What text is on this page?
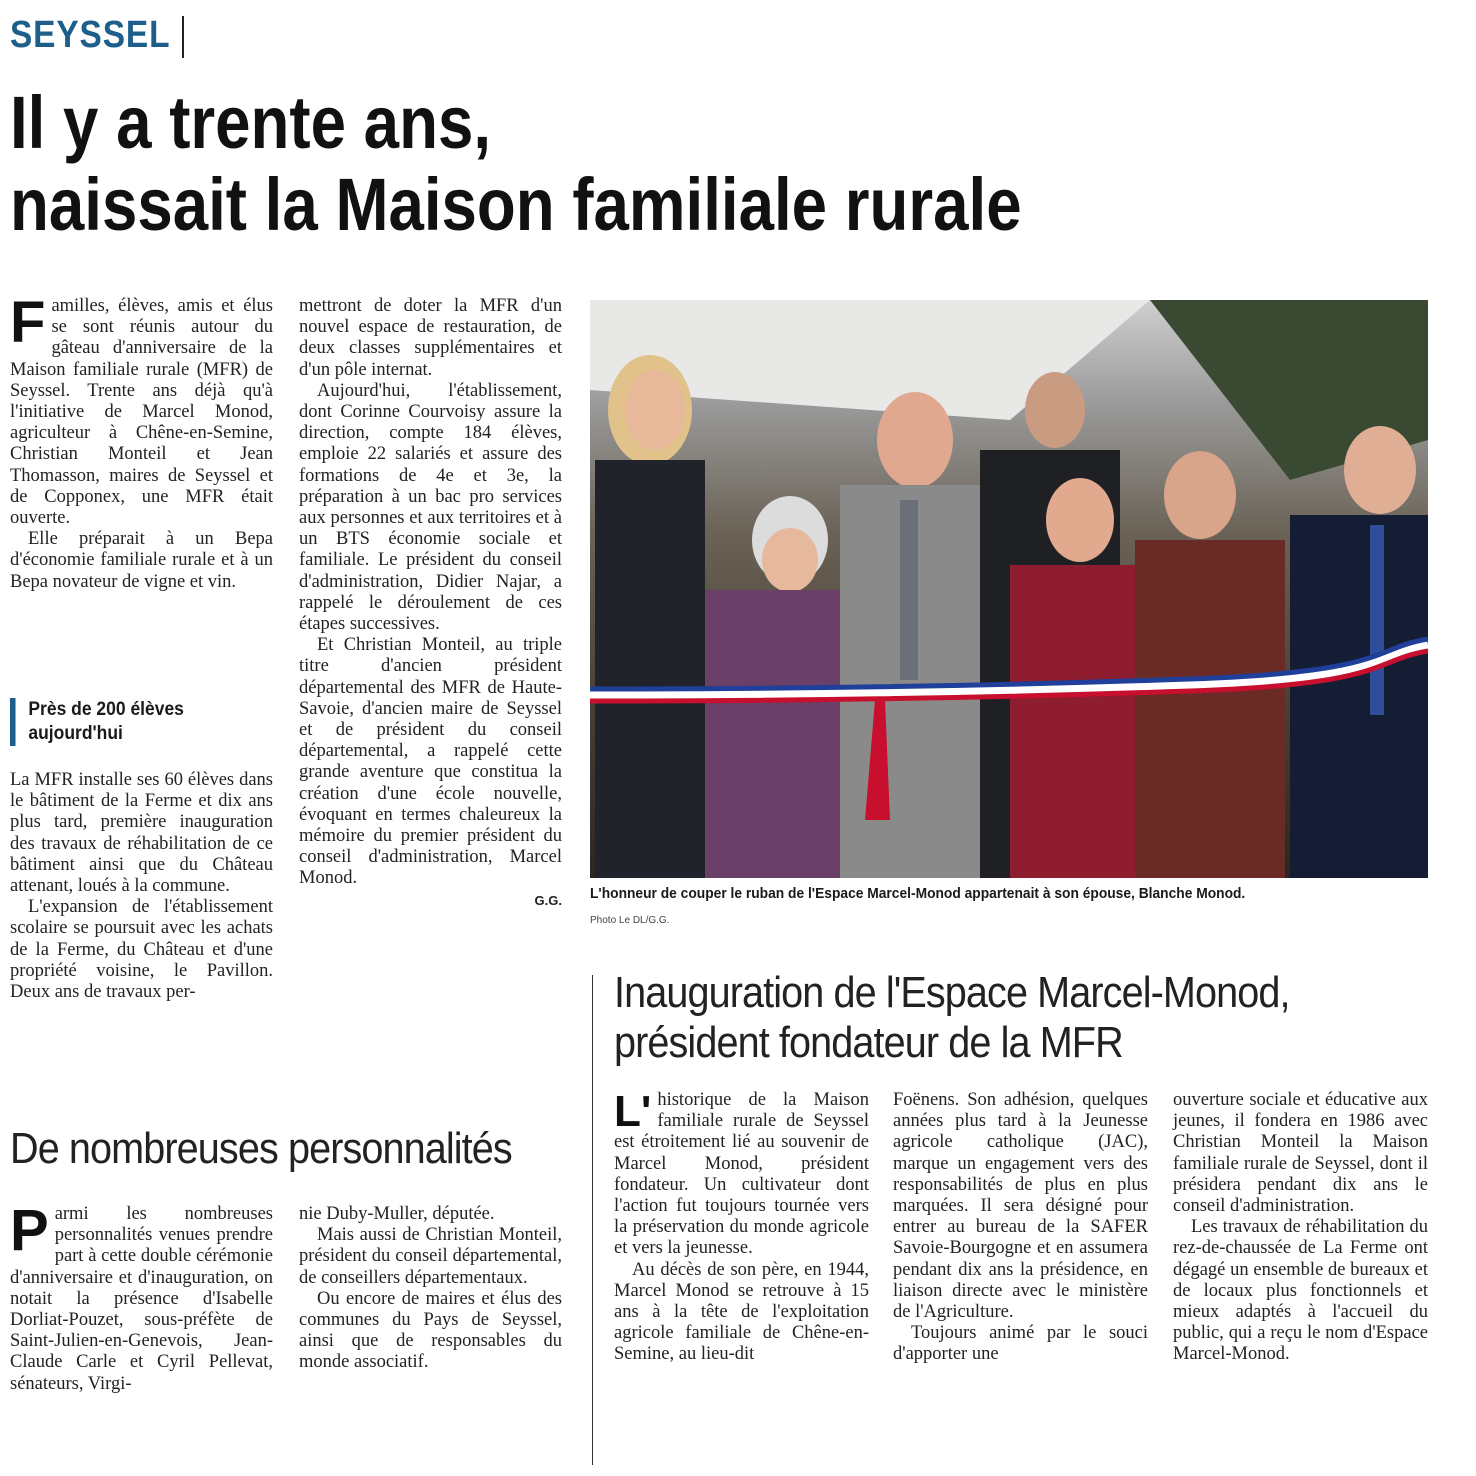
SEYSSEL
Il y a trente ans,
naissait la Maison familiale rurale

Familles, élèves, amis et élus se sont réunis autour du gâteau d'anniversaire de la Maison familiale rurale (MFR) de Seyssel. Trente ans déjà qu'à l'initiative de Marcel Monod, agriculteur à Chêne-en-Semine, Christian Monteil et Jean Thomasson, maires de Seyssel et de Copponex, une MFR était ouverte.

Elle préparait à un Bepa d'économie familiale rurale et à un Bepa novateur de vigne et vin.

Près de 200 élèves aujourd'hui

La MFR installe ses 60 élèves dans le bâtiment de la Ferme et dix ans plus tard, première inauguration des travaux de réhabilitation de ce bâtiment ainsi que du Château attenant, loués à la commune.

L'expansion de l'établissement scolaire se poursuit avec les achats de la Ferme, du Château et d'une propriété voisine, le Pavillon. Deux ans de travaux per-

mettront de doter la MFR d'un nouvel espace de restauration, de deux classes supplémentaires et d'un pôle internat.

Aujourd'hui, l'établissement, dont Corinne Courvoisy assure la direction, compte 184 élèves, emploie 22 salariés et assure des formations de 4e et 3e, la préparation à un bac pro services aux personnes et aux territoires et à un BTS économie sociale et familiale. Le président du conseil d'administration, Didier Najar, a rappelé le déroulement de ces étapes successives.

Et Christian Monteil, au triple titre d'ancien président départemental des MFR de Haute-Savoie, d'ancien maire de Seyssel et de président du conseil départemental, a rappelé cette grande aventure que constitua la création d'une école nouvelle, évoquant en termes chaleureux la mémoire du premier président du conseil d'administration, Marcel Monod.

G.G. L'honneur de couper le ruban de l'Espace Marcel-Monod appartenait à son épouse, Blanche Monod.
Photo Le DL/G.G.
Inauguration de l'Espace Marcel-Monod,
président fondateur de la MFR

L' historique de la Maison familiale rurale de Seyssel est étroitement lié au souvenir de Marcel Monod, président fondateur. Un cultivateur dont l'action fut toujours tournée vers la préservation du monde agricole et vers la jeunesse.

Au décès de son père, en 1944, Marcel Monod se retrouve à 15 ans à la tête de l'exploitation agricole familiale de Chêne-en-Semine, au lieu-dit

Foënens. Son adhésion, quelques années plus tard à la Jeunesse agricole catholique (JAC), marque un engagement vers des responsabilités de plus en plus marquées. Il sera désigné pour entrer au bureau de la SAFER Savoie-Bourgogne et en assumera pendant dix ans la présidence, en liaison directe avec le ministère de l'Agriculture.

Toujours animé par le souci d'apporter une

ouverture sociale et éducative aux jeunes, il fondera en 1986 avec Christian Monteil la Maison familiale rurale de Seyssel, dont il présidera pendant dix ans le conseil d'administration.

Les travaux de réhabilitation du rez-de-chaussée de La Ferme ont dégagé un ensemble de bureaux et de locaux plus fonctionnels et mieux adaptés à l'accueil du public, qui a reçu le nom d'Espace Marcel-Monod.

De nombreuses personnalités

Parmi les nombreuses personnalités venues prendre part à cette double cérémonie d'anniversaire et d'inauguration, on notait la présence d'Isabelle Dorliat-Pouzet, sous-préfète de Saint-Julien-en-Genevois, Jean-Claude Carle et Cyril Pellevat, sénateurs, Virgi-

nie Duby-Muller, députée.

Mais aussi de Christian Monteil, président du conseil départemental, de conseillers départementaux.

Ou encore de maires et élus des communes du Pays de Seyssel, ainsi que de responsables du monde associatif.
